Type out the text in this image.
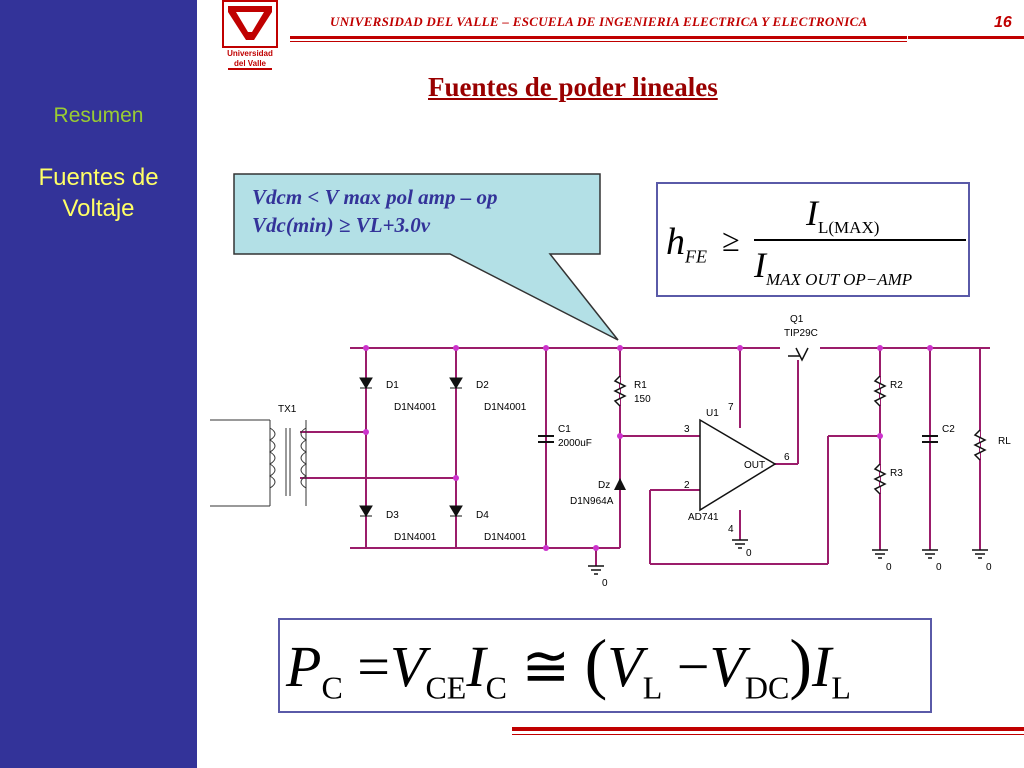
Resumen
Fuentes de Voltaje
Universidad
del Valle
UNIVERSIDAD DEL VALLE – ESCUELA DE INGENIERIA ELECTRICA Y ELECTRONICA	16
Fuentes de poder lineales
Vdcm < V max pol amp – op
Vdc(min) ≥ VL+3.0v	$h_{FE}$ ≥
$I_{L(MAX)}$
$I_{MAX OUT OP-AMP}$
TX1
D1
D1N4001
D2
D1N4001
D3
D1N4001
D4
D1N4001
C1
2000uF
R1
150
Dz
D1N964A
U1
AD741
OUT
3
2
6
7
4
Q1
TIP29C
R2
R3
C2
RL
0
0
0	0	0
$P_C =V_{CE}I_C$ ≅ $(V_L -V_{DC})I_L$
